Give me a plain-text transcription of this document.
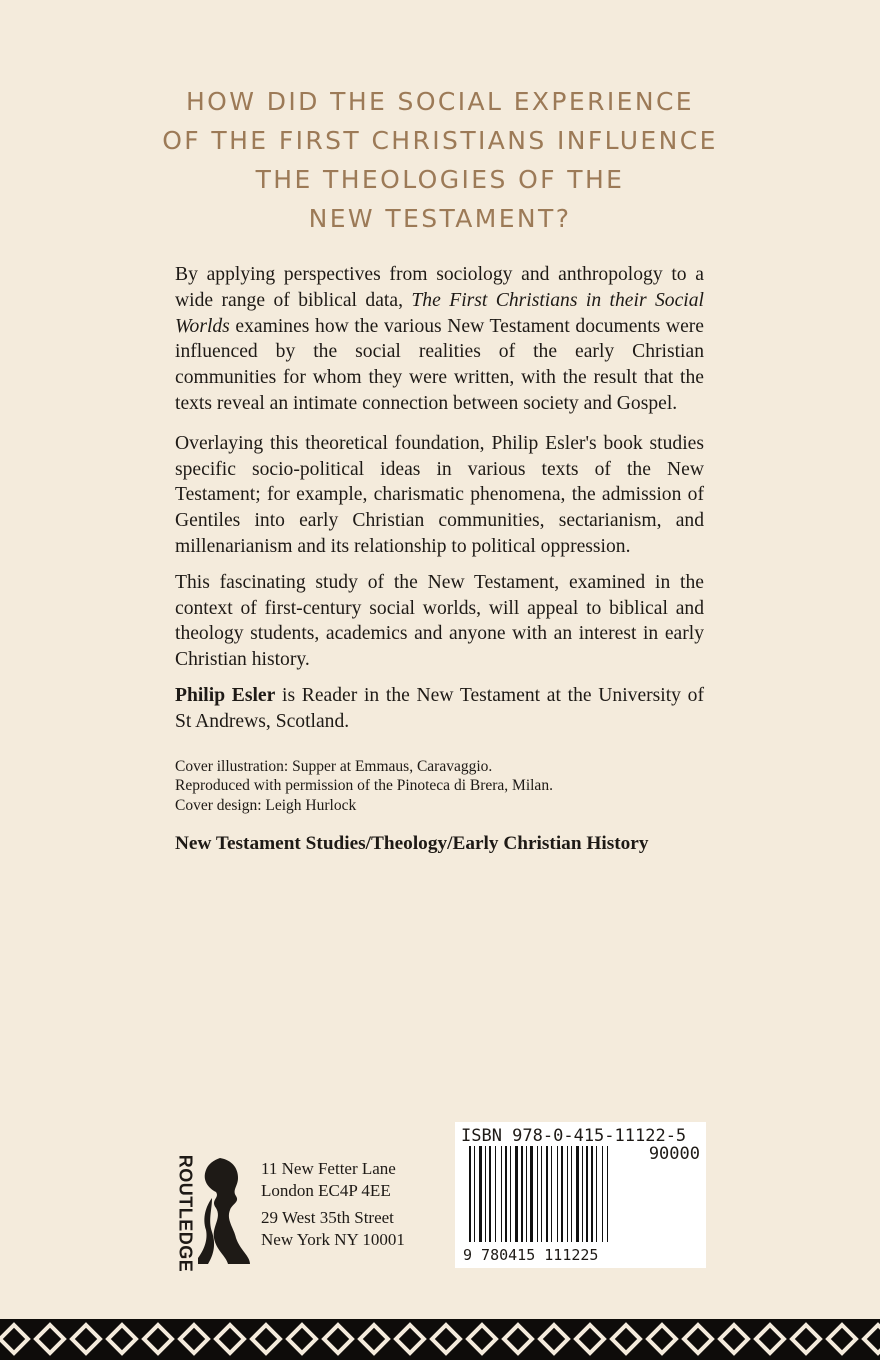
HOW DID THE SOCIAL EXPERIENCE
OF THE FIRST CHRISTIANS INFLUENCE
THE THEOLOGIES OF THE
NEW TESTAMENT?

By applying perspectives from sociology and anthropology to a wide range of biblical data, The First Christians in their Social Worlds examines how the various New Testament documents were influenced by the social realities of the early Christian communities for whom they were written, with the result that the texts reveal an intimate connection between society and Gospel.

Overlaying this theoretical foundation, Philip Esler's book studies specific socio-political ideas in various texts of the New Testament; for example, charismatic phenomena, the admission of Gentiles into early Christian communities, sectarianism, and millenarianism and its relationship to political oppression.

This fascinating study of the New Testament, examined in the context of first-century social worlds, will appeal to biblical and theology students, academics and anyone with an interest in early Christian history.

Philip Esler is Reader in the New Testament at the University of St Andrews, Scotland.

Cover illustration: Supper at Emmaus, Caravaggio.
Reproduced with permission of the Pinoteca di Brera, Milan.
Cover design: Leigh Hurlock
New Testament Studies/Theology/Early Christian History
ROUTLEDGE	11 New Fetter Lane
London EC4P 4EE
29 West 35th Street
New York NY 10001
ISBN 978-0-415-11122-5
90000
9 780415 111225
